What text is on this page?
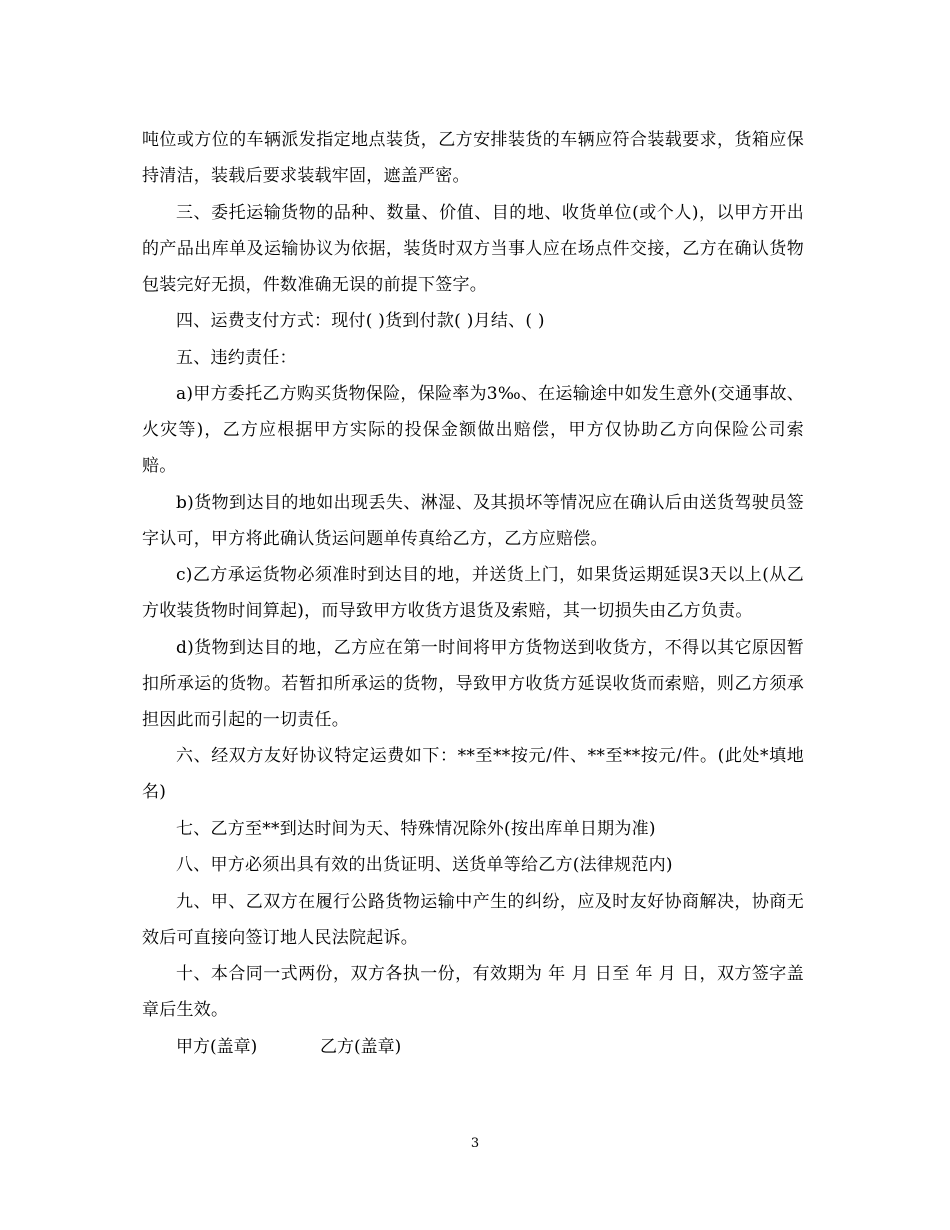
吨位或方位的车辆派发指定地点装货，乙方安排装货的车辆应符合装载要求，货箱应保持清洁，装载后要求装载牢固，遮盖严密。

三、委托运输货物的品种、数量、价值、目的地、收货单位(或个人)，以甲方开出的产品出库单及运输协议为依据，装货时双方当事人应在场点件交接，乙方在确认货物包装完好无损，件数准确无误的前提下签字。

四、运费支付方式：现付( )货到付款( )月结、( )

五、违约责任：

a)甲方委托乙方购买货物保险，保险率为3‰、在运输途中如发生意外(交通事故、火灾等)，乙方应根据甲方实际的投保金额做出赔偿，甲方仅协助乙方向保险公司索赔。

b)货物到达目的地如出现丢失、淋湿、及其损坏等情况应在确认后由送货驾驶员签字认可，甲方将此确认货运问题单传真给乙方，乙方应赔偿。

c)乙方承运货物必须准时到达目的地，并送货上门，如果货运期延误3天以上(从乙方收装货物时间算起)，而导致甲方收货方退货及索赔，其一切损失由乙方负责。

d)货物到达目的地，乙方应在第一时间将甲方货物送到收货方，不得以其它原因暂扣所承运的货物。若暂扣所承运的货物，导致甲方收货方延误收货而索赔，则乙方须承担因此而引起的一切责任。

六、经双方友好协议特定运费如下：**至**按元/件、**至**按元/件。(此处*填地名)

七、乙方至**到达时间为天、特殊情况除外(按出库单日期为准)

八、甲方必须出具有效的出货证明、送货单等给乙方(法律规范内)

九、甲、乙双方在履行公路货物运输中产生的纠纷，应及时友好协商解决，协商无效后可直接向签订地人民法院起诉。

十、本合同一式两份，双方各执一份，有效期为 年 月 日至 年 月 日，双方签字盖章后生效。

甲方(盖章)	乙方(盖章)
3
